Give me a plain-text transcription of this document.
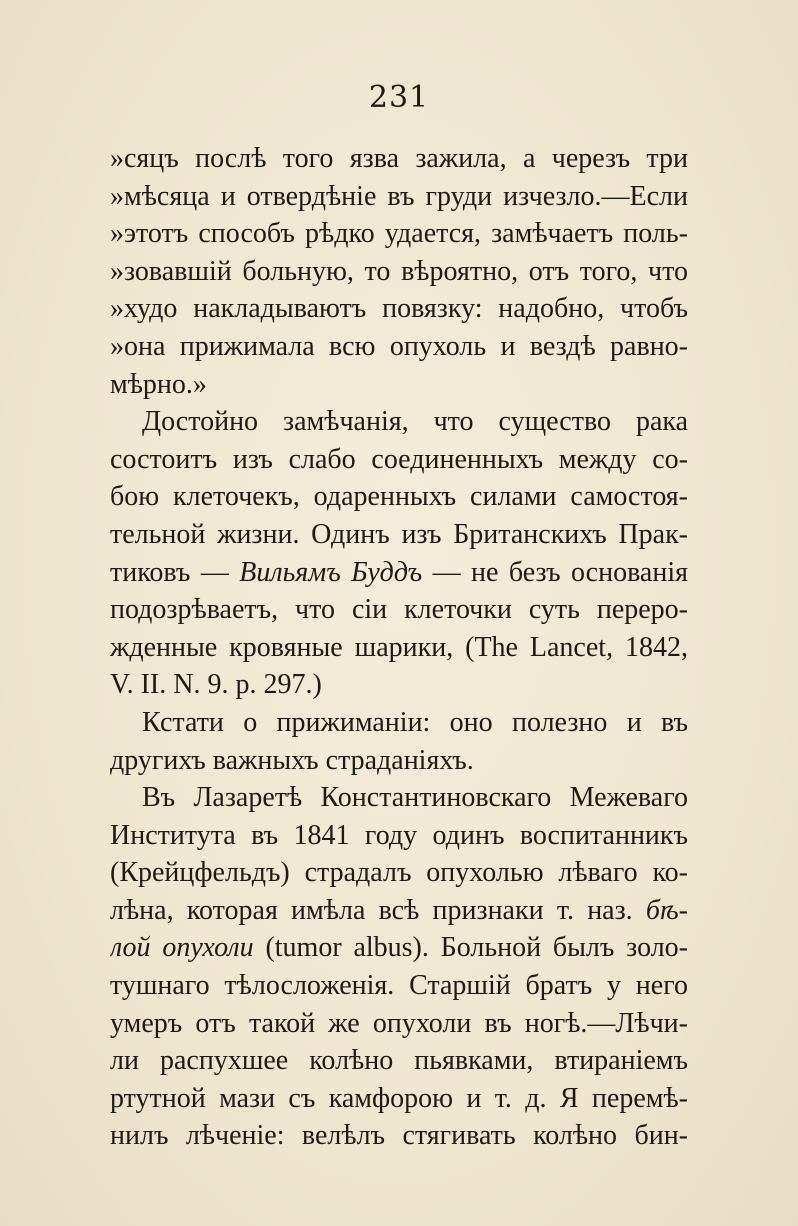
231
»сяцъ послѣ того язва зажила, а черезъ три
»мѣсяца и отвердѣніе въ груди изчезло.—Если
»этотъ способъ рѣдко удается, замѣчаетъ поль-
»зовавшій больную, то вѣроятно, отъ того, что
»худо накладываютъ повязку: надобно, чтобъ
»она прижимала всю опухоль и вездѣ равно-
мѣрно.»
Достойно замѣчанія, что существо рака
состоитъ изъ слабо соединенныхъ между со-
бою клеточекъ, одаренныхъ силами самостоя-
тельной жизни. Одинъ изъ Британскихъ Прак-
тиковъ — Вильямъ Буддъ — не безъ основанія
подозрѣваетъ, что сіи клеточки суть переро-
жденные кровяные шарики, (The Lancet, 1842,
V. II. N. 9. p. 297.)
Кстати о прижиманіи: оно полезно и въ
другихъ важныхъ страданіяхъ.
Въ Лазаретѣ Константиновскаго Межеваго
Института въ 1841 году одинъ воспитанникъ
(Крейцфельдъ) страдалъ опухолью лѣваго ко-
лѣна, которая имѣла всѣ признаки т. наз. бѣ-
лой опухоли (tumor albus). Больной былъ золо-
тушнаго тѣлосложенія. Старшій братъ у него
умеръ отъ такой же опухоли въ ногѣ.—Лѣчи-
ли распухшее колѣно пьявками, втираніемъ
ртутной мази съ камфорою и т. д. Я перемѣ-
нилъ лѣченіе: велѣлъ стягивать колѣно бин-
